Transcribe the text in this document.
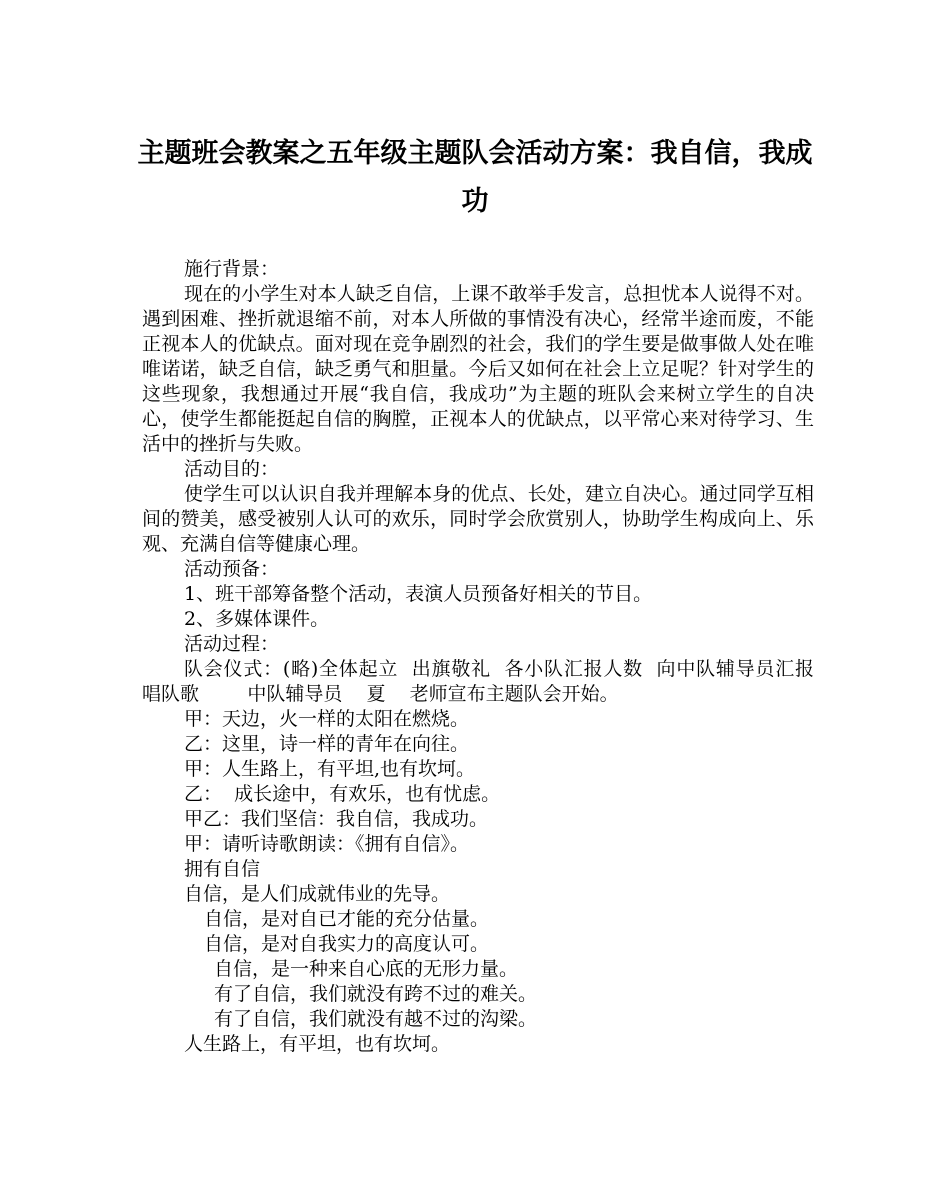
主题班会教案之五年级主题队会活动方案：我自信，我成功

施行背景：

现在的小学生对本人缺乏自信，上课不敢举手发言，总担忧本人说得不对。遇到困难、挫折就退缩不前，对本人所做的事情没有决心，经常半途而废，不能正视本人的优缺点。面对现在竞争剧烈的社会，我们的学生要是做事做人处在唯唯诺诺，缺乏自信，缺乏勇气和胆量。今后又如何在社会上立足呢？针对学生的这些现象，我想通过开展“我自信，我成功”为主题的班队会来树立学生的自决心，使学生都能挺起自信的胸膛，正视本人的优缺点，以平常心来对待学习、生活中的挫折与失败。

活动目的：

使学生可以认识自我并理解本身的优点、长处，建立自决心。通过同学互相间的赞美，感受被别人认可的欢乐，同时学会欣赏别人，协助学生构成向上、乐观、充满自信等健康心理。

活动预备：

1、班干部筹备整个活动，表演人员预备好相关的节目。

2、多媒体课件。

活动过程：

队会仪式：(略)全体起立  出旗敬礼  各小队汇报人数  向中队辅导员汇报  唱队歌        中队辅导员    夏    老师宣布主题队会开始。

甲：天边，火一样的太阳在燃烧。

乙：这里，诗一样的青年在向往。

甲：人生路上，有平坦,也有坎坷。

乙：  成长途中，有欢乐，也有忧虑。

甲乙：我们坚信：我自信，我成功。

甲：请听诗歌朗读：《拥有自信》。

拥有自信

自信，是人们成就伟业的先导。

自信，是对自已才能的充分估量。

自信，是对自我实力的高度认可。

自信，是一种来自心底的无形力量。

有了自信，我们就没有跨不过的难关。

有了自信，我们就没有越不过的沟梁。

人生路上，有平坦，也有坎坷。
